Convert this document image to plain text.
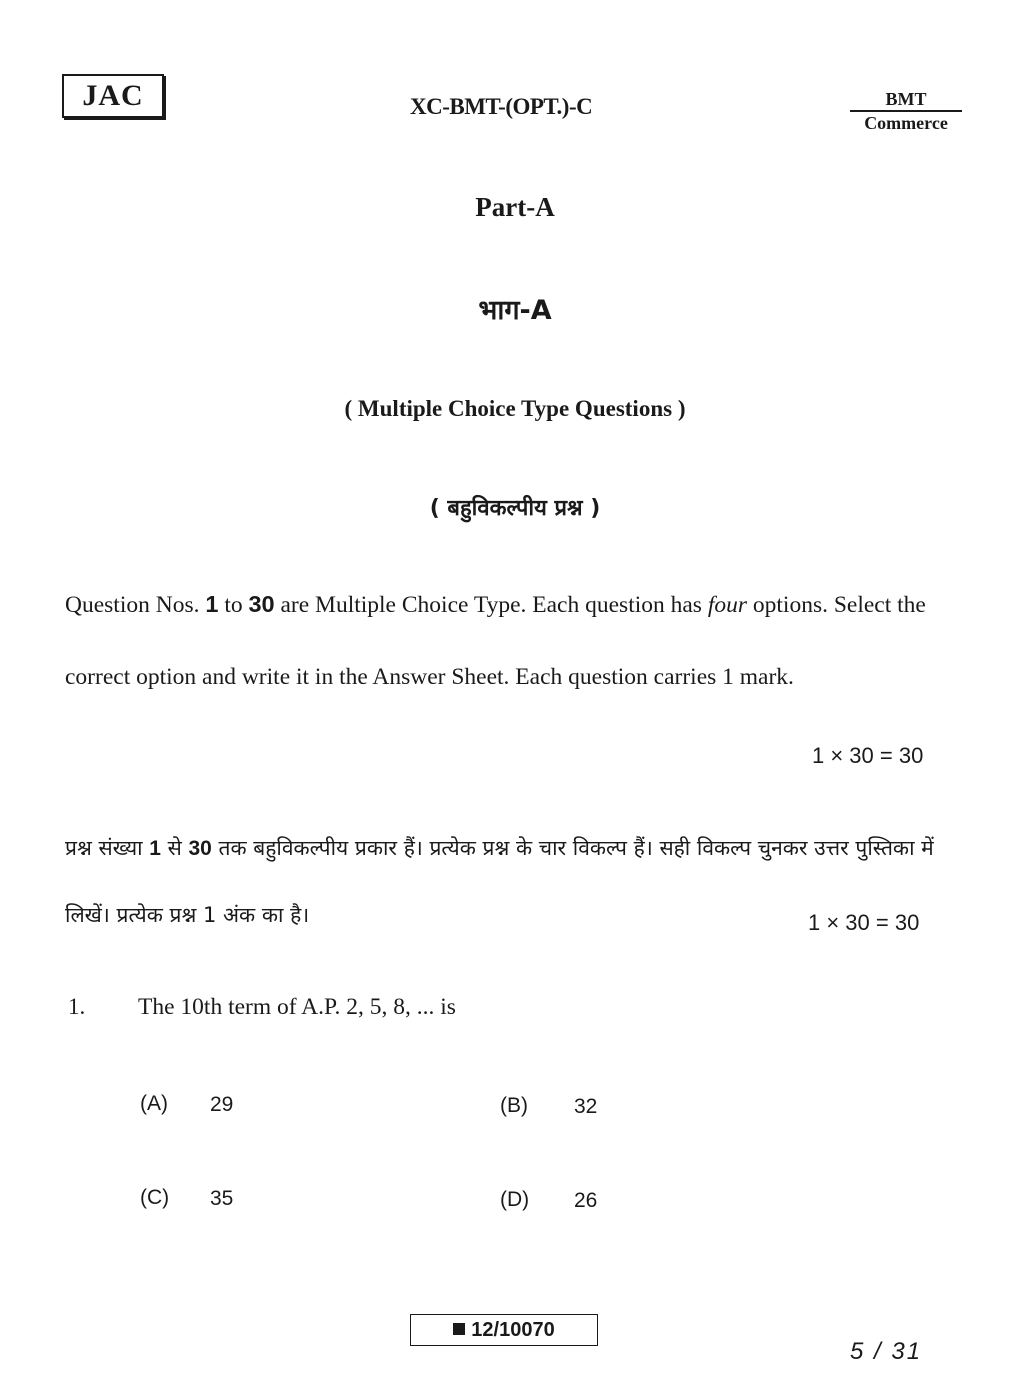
JAC	XC-BMT-(OPT.)-C	BMT
Commerce
Part-A
भाग-A
( Multiple Choice Type Questions )
( बहुविकल्पीय प्रश्न )
Question Nos. 1 to 30 are Multiple Choice Type. Each question has four options. Select the correct option and write it in the Answer Sheet. Each question carries 1 mark.
1 × 30 = 30
प्रश्न संख्या 1 से 30 तक बहुविकल्पीय प्रकार हैं। प्रत्येक प्रश्न के चार विकल्प हैं। सही विकल्प चुनकर उत्तर पुस्तिका में लिखें। प्रत्येक प्रश्न 1 अंक का है।	1 × 30 = 30
1. The 10th term of A.P. 2, 5, 8, ... is
(A) 29	(B) 32
(C) 35	(D) 26
12/10070
5 / 31
